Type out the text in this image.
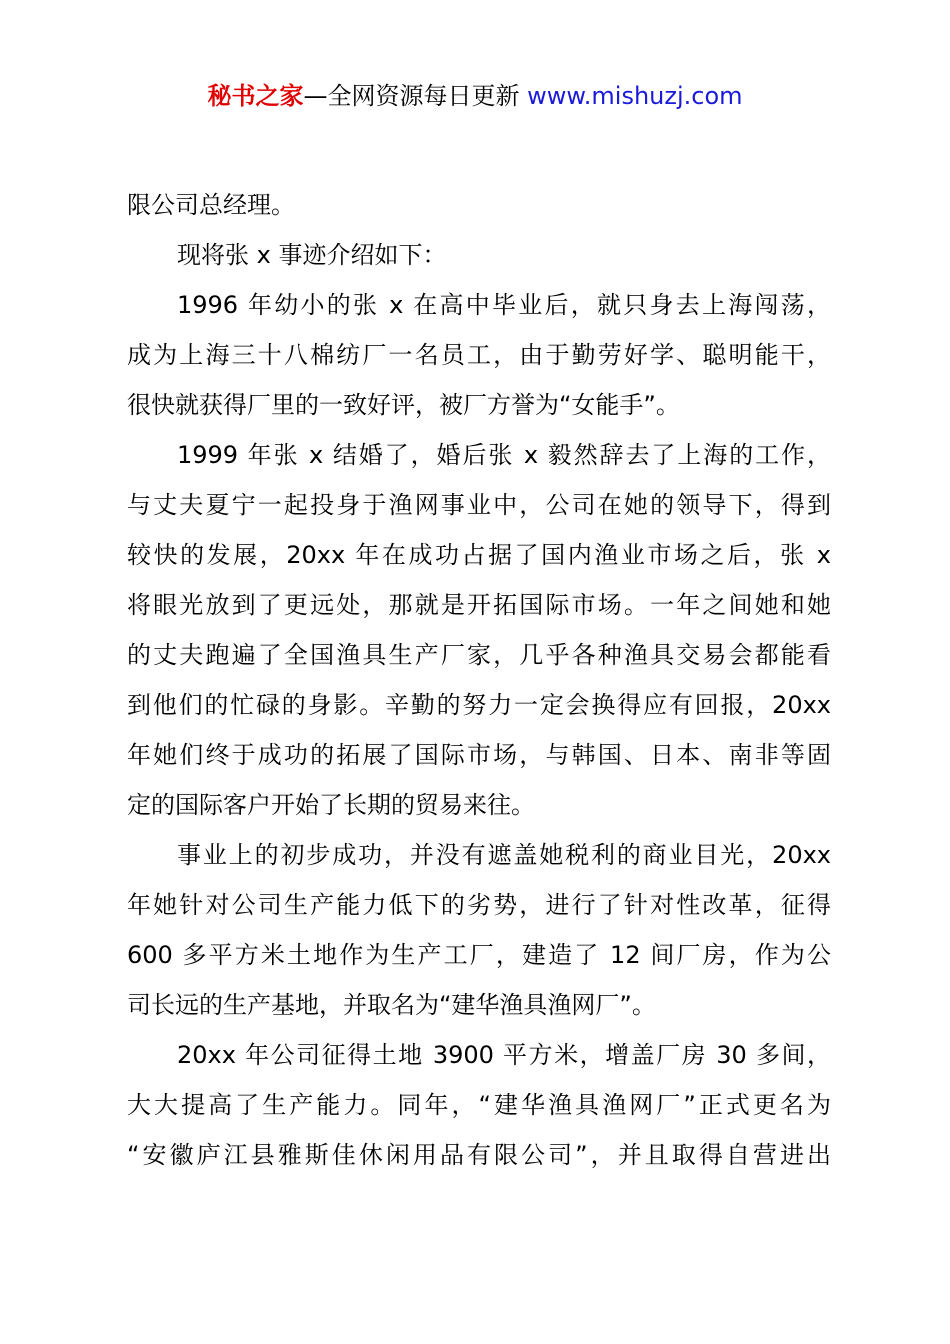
秘书之家—全网资源每日更新 www.mishuzj.com
限公司总经理。
现将张 x 事迹介绍如下：
1996 年幼小的张 x 在高中毕业后，就只身去上海闯荡，
成为上海三十八棉纺厂一名员工，由于勤劳好学、聪明能干，
很快就获得厂里的一致好评，被厂方誉为“女能手”。
1999 年张 x 结婚了，婚后张 x 毅然辞去了上海的工作，
与丈夫夏宁一起投身于渔网事业中，公司在她的领导下，得到
较快的发展，20xx 年在成功占据了国内渔业市场之后，张 x
将眼光放到了更远处，那就是开拓国际市场。一年之间她和她
的丈夫跑遍了全国渔具生产厂家，几乎各种渔具交易会都能看
到他们的忙碌的身影。辛勤的努力一定会换得应有回报，20xx
年她们终于成功的拓展了国际市场，与韩国、日本、南非等固
定的国际客户开始了长期的贸易来往。
事业上的初步成功，并没有遮盖她税利的商业目光，20xx
年她针对公司生产能力低下的劣势，进行了针对性改革，征得
600 多平方米土地作为生产工厂，建造了 12 间厂房，作为公
司长远的生产基地，并取名为“建华渔具渔网厂”。
20xx 年公司征得土地 3900 平方米，增盖厂房 30 多间，
大大提高了生产能力。同年，“建华渔具渔网厂”正式更名为
“安徽庐江县雅斯佳休闲用品有限公司”，并且取得自营进出
